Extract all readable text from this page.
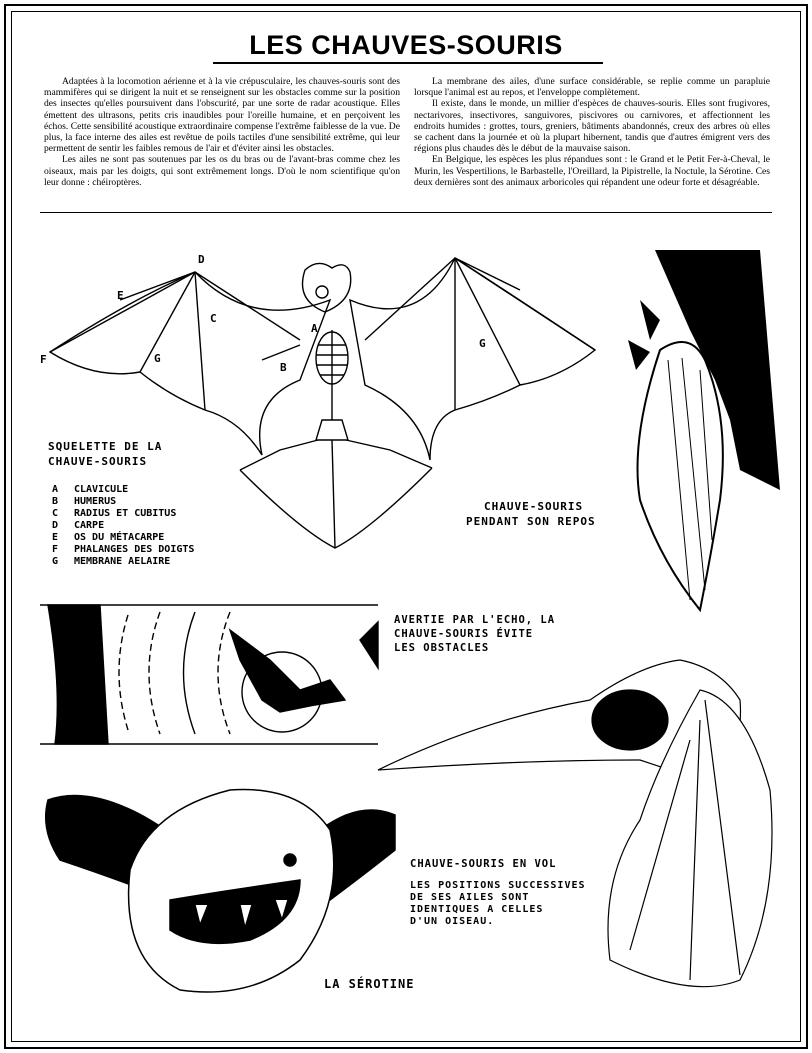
LES CHAUVES-SOURIS

Adaptées à la locomotion aérienne et à la vie crépusculaire, les chauves-souris sont des mammifères qui se dirigent la nuit et se renseignent sur les obstacles comme sur la position des insectes qu'elles poursuivent dans l'obscurité, par une sorte de radar acoustique. Elles émettent des ultrasons, petits cris inaudibles pour l'oreille humaine, et en perçoivent les échos. Cette sensibilité acoustique extraordinaire compense l'extrême faiblesse de la vue. De plus, la face interne des ailes est revêtue de poils tactiles d'une sensibilité extrême, qui leur permettent de sentir les faibles remous de l'air et d'éviter ainsi les obstacles.

Les ailes ne sont pas soutenues par les os du bras ou de l'avant-bras comme chez les oiseaux, mais par les doigts, qui sont extrêmement longs. D'où le nom scientifique qu'on leur donne : chéiroptères.

La membrane des ailes, d'une surface considérable, se replie comme un parapluie lorsque l'animal est au repos, et l'enveloppe complètement.

Il existe, dans le monde, un millier d'espèces de chauves-souris. Elles sont frugivores, nectarivores, insectivores, sanguivores, piscivores ou carnivores, et affectionnent les endroits humides : grottes, tours, greniers, bâtiments abandonnés, creux des arbres où elles se cachent dans la journée et où la plupart hibernent, tandis que d'autres émigrent vers des régions plus chaudes dès le début de la mauvaise saison.

En Belgique, les espèces les plus répandues sont : le Grand et le Petit Fer-à-Cheval, le Murin, les Vespertilions, le Barbastelle, l'Oreillard, la Pipistrelle, la Noctule, la Sérotine. Ces deux dernières sont des animaux arboricoles qui répandent une odeur forte et désagréable.

D
E
C
F	G
A
B
G
SQUELETTE DE LA
CHAUVE-SOURIS
A CLAVICULE
B HUMERUS
C RADIUS ET CUBITUS
D CARPE
E OS DU MÉTACARPE
F PHALANGES DES DOIGTS
G MEMBRANE AELAIRE
CHAUVE-SOURIS
PENDANT SON REPOS
AVERTIE PAR L'ECHO, LA
CHAUVE-SOURIS ÉVITE
LES OBSTACLES
CHAUVE-SOURIS EN VOL
LES POSITIONS SUCCESSIVES
DE SES AILES SONT
IDENTIQUES A CELLES
D'UN OISEAU.
LA SÉROTINE
